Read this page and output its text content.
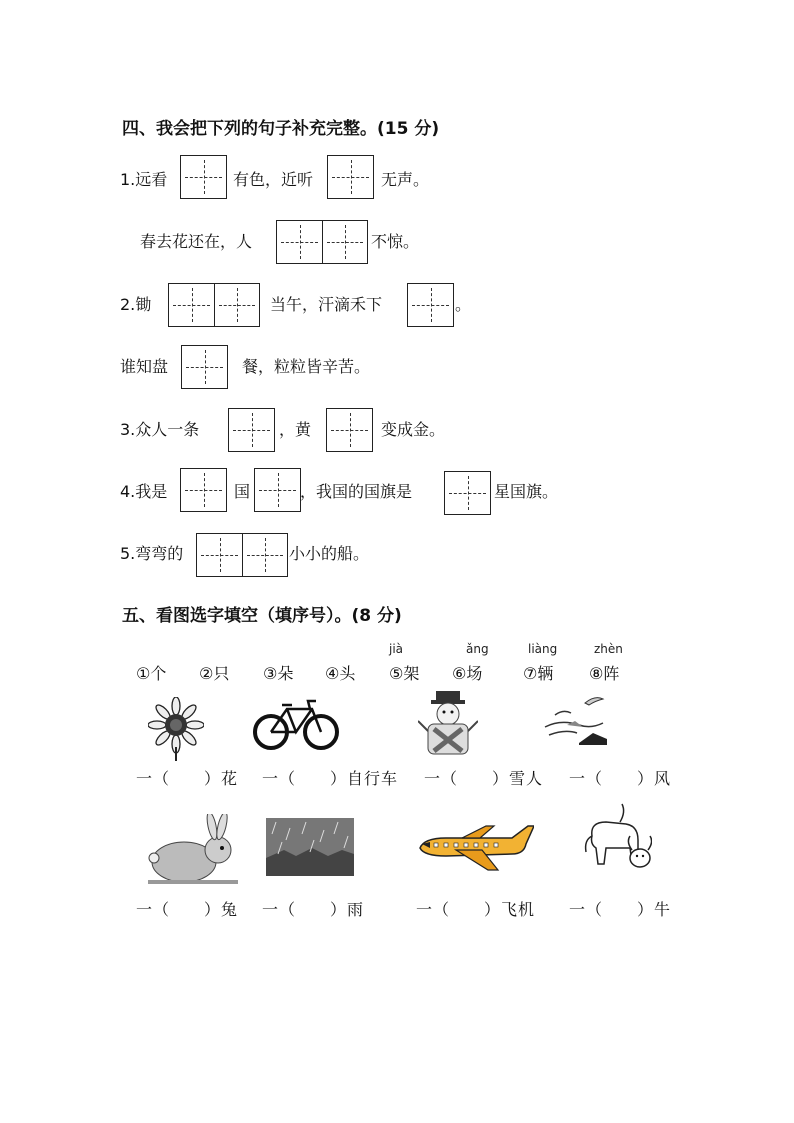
四、我会把下列的句子补充完整。(15 分)
1.远看	有色，近听	无声。
春去花还在，人	不惊。
2.锄	当午，汗滴禾下	。
谁知盘	餐，粒粒皆辛苦。
3.众人一条	，黄	变成金。
4.我是	国	，我国的国旗是	星国旗。
5.弯弯的	小小的船。
五、看图选字填空（填序号）。(8 分)
jià	ǎng	liàng	zhèn
①个 ②只 ③朵 ④头 ⑤架 ⑥场	⑦辆 ⑧阵
一（　　）花 一（　　）自行车 一（　　）雪人 一（　　）风
一（　　）兔 一（　　）雨	一（　　）飞机 一（　　）牛
